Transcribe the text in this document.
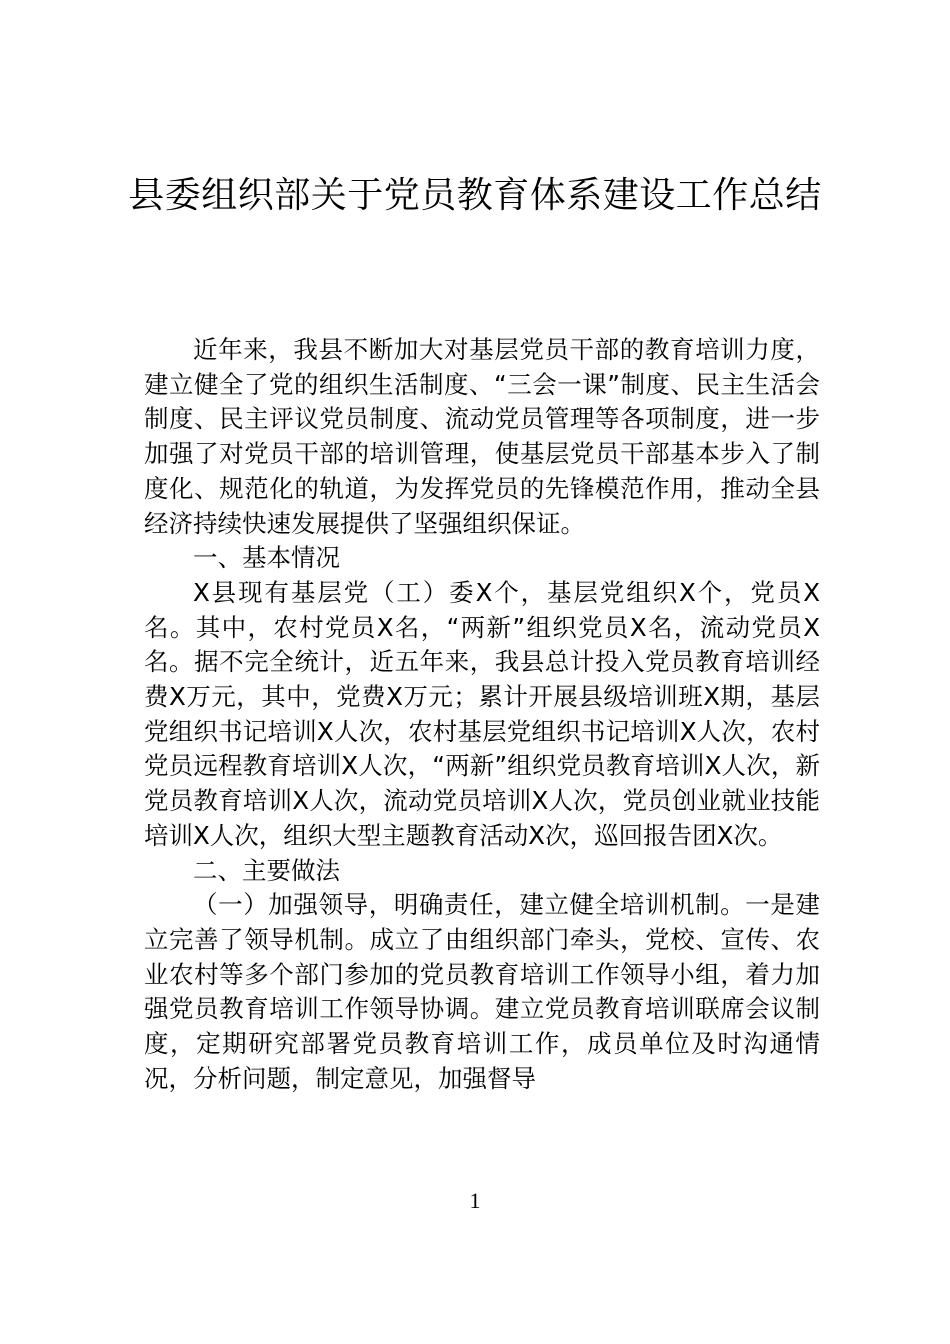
县委组织部关于党员教育体系建设工作总结

近年来，我县不断加大对基层党员干部的教育培训力度，建立健全了党的组织生活制度、“三会一课”制度、民主生活会制度、民主评议党员制度、流动党员管理等各项制度，进一步加强了对党员干部的培训管理，使基层党员干部基本步入了制度化、规范化的轨道，为发挥党员的先锋模范作用，推动全县经济持续快速发展提供了坚强组织保证。

一、基本情况

X县现有基层党（工）委X个，基层党组织X个，党员X名。其中，农村党员X名，“两新”组织党员X名，流动党员X名。据不完全统计，近五年来，我县总计投入党员教育培训经费X万元，其中，党费X万元；累计开展县级培训班X期，基层党组织书记培训X人次，农村基层党组织书记培训X人次，农村党员远程教育培训X人次，“两新”组织党员教育培训X人次，新党员教育培训X人次，流动党员培训X人次，党员创业就业技能培训X人次，组织大型主题教育活动X次，巡回报告团X次。

二、主要做法

（一）加强领导，明确责任，建立健全培训机制。一是建立完善了领导机制。成立了由组织部门牵头，党校、宣传、农业农村等多个部门参加的党员教育培训工作领导小组，着力加强党员教育培训工作领导协调。建立党员教育培训联席会议制度，定期研究部署党员教育培训工作，成员单位及时沟通情况，分析问题，制定意见，加强督导

1
